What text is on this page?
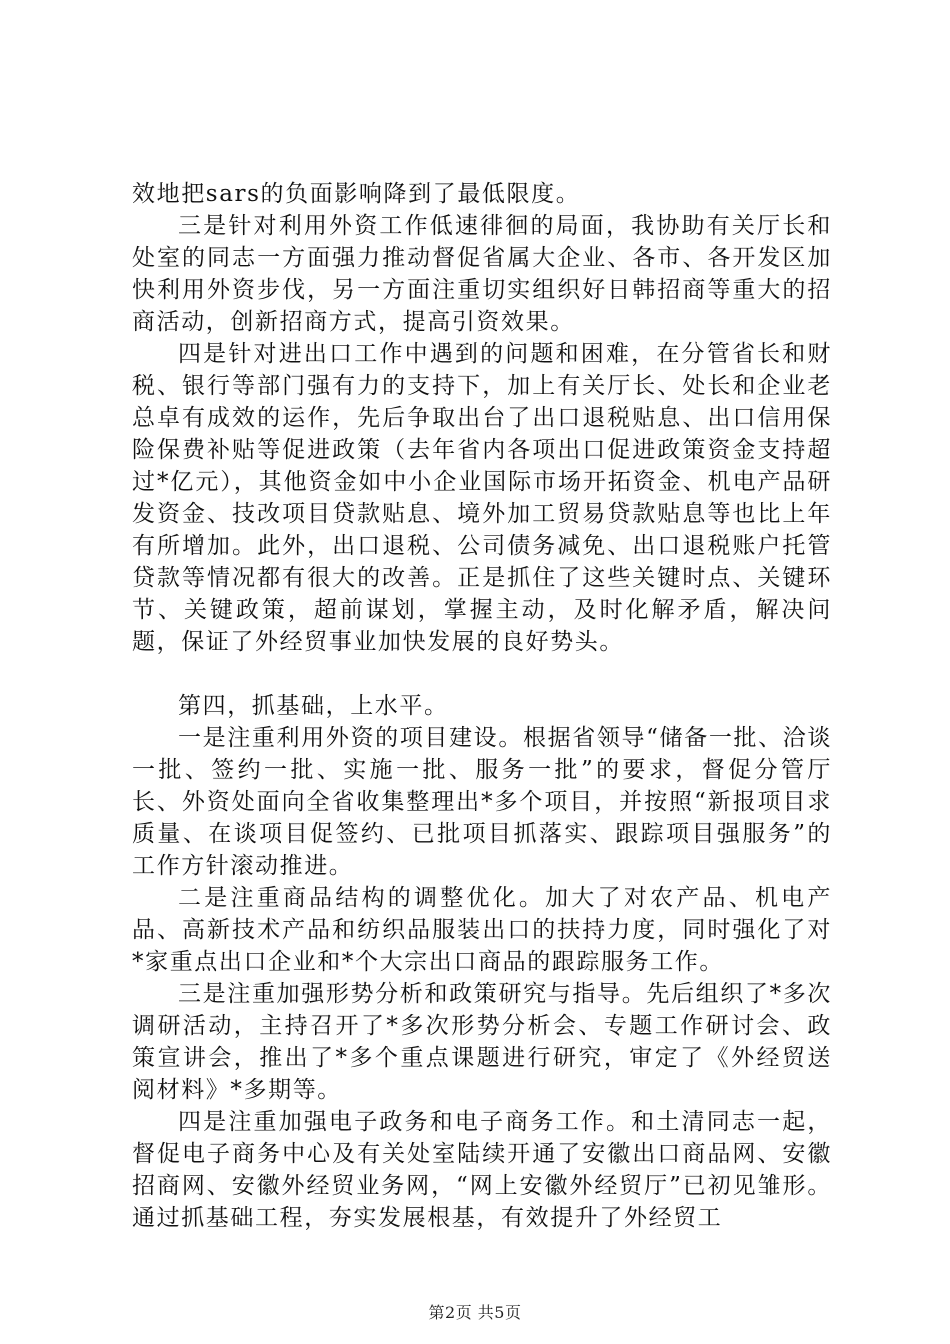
效地把sars的负面影响降到了最低限度。

三是针对利用外资工作低速徘徊的局面，我协助有关厅长和处室的同志一方面强力推动督促省属大企业、各市、各开发区加快利用外资步伐，另一方面注重切实组织好日韩招商等重大的招商活动，创新招商方式，提高引资效果。

四是针对进出口工作中遇到的问题和困难，在分管省长和财税、银行等部门强有力的支持下，加上有关厅长、处长和企业老总卓有成效的运作，先后争取出台了出口退税贴息、出口信用保险保费补贴等促进政策（去年省内各项出口促进政策资金支持超过*亿元），其他资金如中小企业国际市场开拓资金、机电产品研发资金、技改项目贷款贴息、境外加工贸易贷款贴息等也比上年有所增加。此外，出口退税、公司债务减免、出口退税账户托管贷款等情况都有很大的改善。正是抓住了这些关键时点、关键环节、关键政策，超前谋划，掌握主动，及时化解矛盾，解决问题，保证了外经贸事业加快发展的良好势头。

第四，抓基础，上水平。

一是注重利用外资的项目建设。根据省领导“储备一批、洽谈一批、签约一批、实施一批、服务一批”的要求，督促分管厅长、外资处面向全省收集整理出*多个项目，并按照“新报项目求质量、在谈项目促签约、已批项目抓落实、跟踪项目强服务”的工作方针滚动推进。

二是注重商品结构的调整优化。加大了对农产品、机电产品、高新技术产品和纺织品服装出口的扶持力度，同时强化了对*家重点出口企业和*个大宗出口商品的跟踪服务工作。

三是注重加强形势分析和政策研究与指导。先后组织了*多次调研活动，主持召开了*多次形势分析会、专题工作研讨会、政策宣讲会，推出了*多个重点课题进行研究，审定了《外经贸送阅材料》*多期等。

四是注重加强电子政务和电子商务工作。和土清同志一起，督促电子商务中心及有关处室陆续开通了安徽出口商品网、安徽招商网、安徽外经贸业务网，“网上安徽外经贸厅”已初见雏形。通过抓基础工程，夯实发展根基，有效提升了外经贸工

第2页 共5页
